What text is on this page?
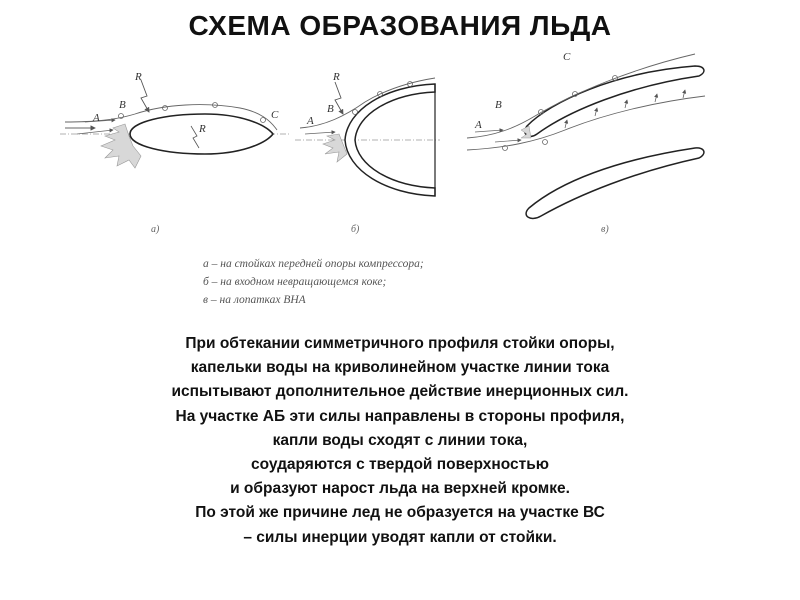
СХЕМА ОБРАЗОВАНИЯ ЛЬДА
A
B
R
R
C
а)
A
B
R
б)
A
B
C
в)
а – на стойках передней опоры компрессора;
б – на входном невращающемся коке;
в – на лопатках ВНА
При обтекании симметричного профиля стойки опоры,
капельки воды на криволинейном участке линии тока
испытывают дополнительное действие инерционных сил.
На участке АБ эти силы направлены в стороны профиля,
капли воды сходят с линии тока,
соударяются с твердой поверхностью
и образуют нарост льда на верхней кромке.
По этой же причине лед не образуется на участке ВС
– силы инерции уводят капли от стойки.
